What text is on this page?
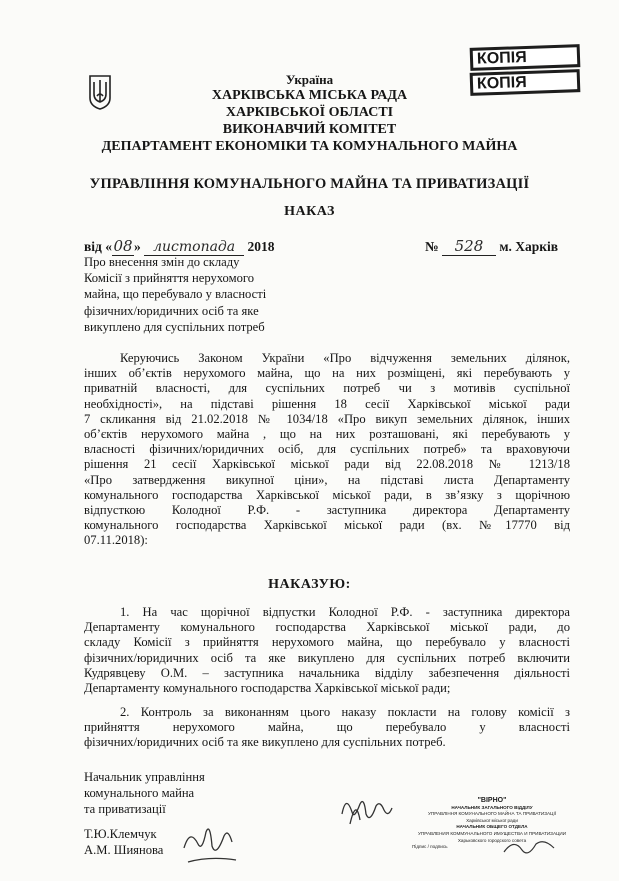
КОПІЯ
КОПІЯ
Україна
ХАРКІВСЬКА МІСЬКА РАДА
ХАРКІВСЬКОЇ ОБЛАСТІ
ВИКОНАВЧИЙ КОМІТЕТ
ДЕПАРТАМЕНТ ЕКОНОМІКИ ТА КОМУНАЛЬНОГО МАЙНА
УПРАВЛІННЯ КОМУНАЛЬНОГО МАЙНА ТА ПРИВАТИЗАЦІЇ
НАКАЗ
від «08» листопада 2018	№ 528 м. Харків
Про внесення змін до складу
Комісії з прийняття нерухомого
майна, що перебувало у власності
фізичних/юридичних осіб та яке
викуплено для суспільних потреб
Керуючись Законом України «Про відчуження земельних ділянок,
інших об’єктів нерухомого майна, що на них розміщені, які перебувають у
приватній власності, для суспільних потреб чи з мотивів суспільної
необхідності», на підставі рішення 18 сесії Харківської міської ради
7 скликання від 21.02.2018 № 1034/18 «Про викуп земельних ділянок, інших
об’єктів нерухомого майна , що на них розташовані, які перебувають у
власності фізичних/юридичних осіб, для суспільних потреб» та враховуючи
рішення 21 сесії Харківської міської ради від 22.08.2018 № 1213/18
«Про затвердження викупної ціни», на підставі листа Департаменту
комунального господарства Харківської міської ради, в зв’язку з щорічною
відпусткою Колодної Р.Ф. - заступника директора Департаменту
комунального господарства Харківської міської ради (вх. №17770 від
07.11.2018):
НАКАЗУЮ:
1. На час щорічної відпустки Колодної Р.Ф. - заступника директора
Департаменту комунального господарства Харківської міської ради, до
складу Комісії з прийняття нерухомого майна, що перебувало у власності
фізичних/юридичних осіб та яке викуплено для суспільних потреб включити
Кудрявцеву О.М. – заступника начальника відділу забезпечення діяльності
Департаменту комунального господарства Харківської міської ради;
2. Контроль за виконанням цього наказу покласти на голову комісії з
прийняття нерухомого майна, що перебувало у власності
фізичних/юридичних осіб та яке викуплено для суспільних потреб.
Начальник управління
комунального майна
та приватизації
Т.Ю.Клемчук
А.М. Шиянова
"ВІРНО"
НАЧАЛЬНИК ЗАГАЛЬНОГО ВІДДІЛУ
УПРАВЛІННЯ КОМУНАЛЬНОГО МАЙНА ТА ПРИВАТИЗАЦІЇ
Харківської міської ради
НАЧАЛЬНИК ОБЩЕГО ОТДЕЛА
УПРАВЛЕНИЯ КОММУНАЛЬНОГО ИМУЩЕСТВА И ПРИВАТИЗАЦИИ
Харьковского городского совета
Підпис / подпись
